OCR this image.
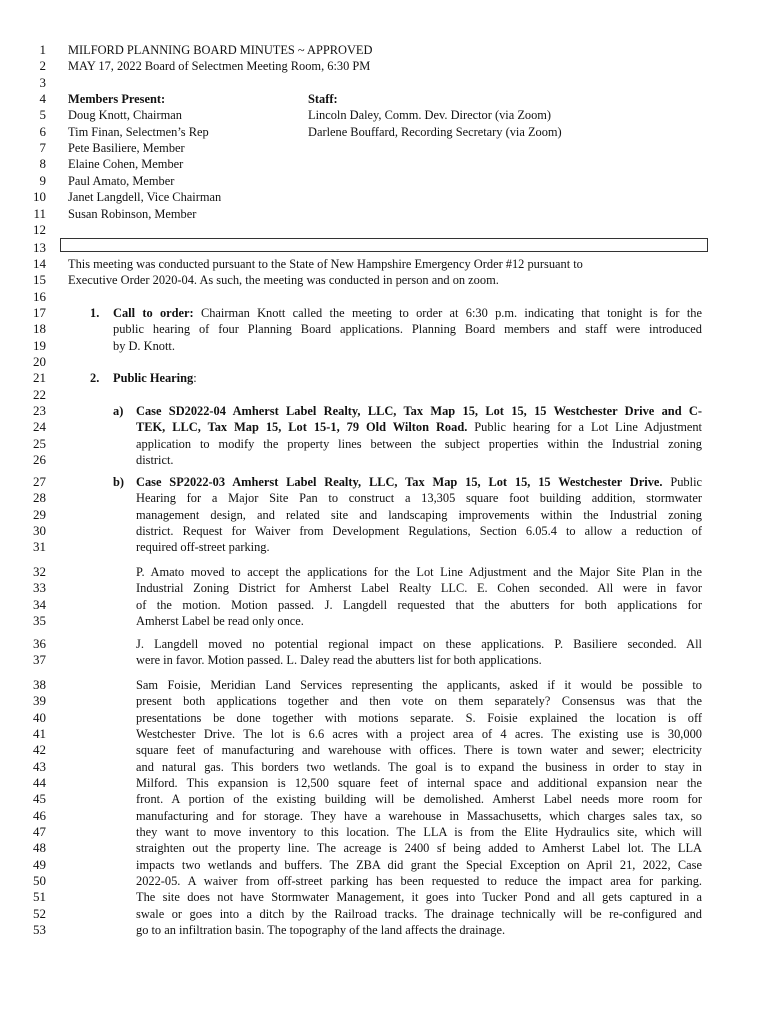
1
2
3
4
5
6
7
8
9
10
11
12
13
14
15
16
17
18
19
20
21
22
23
24
25
26
27
28
29
30
31
32
33
34
35
36
37
38
39
40
41
42
43
44
45
46
47
48
49
50
51
52
53
MILFORD PLANNING BOARD MINUTES ~ APPROVED
MAY 17, 2022 Board of Selectmen Meeting Room, 6:30 PM
Members Present:
Doug Knott, Chairman
Tim Finan, Selectmen’s Rep
Pete Basiliere, Member
Elaine Cohen, Member
Paul Amato, Member
Janet Langdell, Vice Chairman
Susan Robinson, Member
Staff:
Lincoln Daley, Comm. Dev. Director (via Zoom)
Darlene Bouffard, Recording Secretary (via Zoom)
This meeting was conducted pursuant to the State of New Hampshire Emergency Order #12 pursuant to
Executive Order 2020-04. As such, the meeting was conducted in person and on zoom.
1. Call to order: Chairman Knott called the meeting to order at 6:30 p.m. indicating that tonight is for the
public hearing of four Planning Board applications. Planning Board members and staff were introduced
by D. Knott.
2. Public Hearing:
a) Case SD2022-04 Amherst Label Realty, LLC, Tax Map 15, Lot 15, 15 Westchester Drive and C-
TEK, LLC, Tax Map 15, Lot 15-1, 79 Old Wilton Road. Public hearing for a Lot Line Adjustment
application to modify the property lines between the subject properties within the Industrial zoning
district.
b) Case SP2022-03 Amherst Label Realty, LLC, Tax Map 15, Lot 15, 15 Westchester Drive. Public
Hearing for a Major Site Pan to construct a 13,305 square foot building addition, stormwater
management design, and related site and landscaping improvements within the Industrial zoning
district. Request for Waiver from Development Regulations, Section 6.05.4 to allow a reduction of
required off-street parking.
P. Amato moved to accept the applications for the Lot Line Adjustment and the Major Site Plan in the
Industrial Zoning District for Amherst Label Realty LLC. E. Cohen seconded. All were in favor
of the motion. Motion passed. J. Langdell requested that the abutters for both applications for
Amherst Label be read only once.
J. Langdell moved no potential regional impact on these applications. P. Basiliere seconded. All
were in favor. Motion passed. L. Daley read the abutters list for both applications.
Sam Foisie, Meridian Land Services representing the applicants, asked if it would be possible to
present both applications together and then vote on them separately? Consensus was that the
presentations be done together with motions separate. S. Foisie explained the location is off
Westchester Drive. The lot is 6.6 acres with a project area of 4 acres. The existing use is 30,000
square feet of manufacturing and warehouse with offices. There is town water and sewer; electricity
and natural gas. This borders two wetlands. The goal is to expand the business in order to stay in
Milford. This expansion is 12,500 square feet of internal space and additional expansion near the
front. A portion of the existing building will be demolished. Amherst Label needs more room for
manufacturing and for storage. They have a warehouse in Massachusetts, which charges sales tax, so
they want to move inventory to this location. The LLA is from the Elite Hydraulics site, which will
straighten out the property line. The acreage is 2400 sf being added to Amherst Label lot. The LLA
impacts two wetlands and buffers. The ZBA did grant the Special Exception on April 21, 2022, Case
2022-05. A waiver from off-street parking has been requested to reduce the impact area for parking.
The site does not have Stormwater Management, it goes into Tucker Pond and all gets captured in a
swale or goes into a ditch by the Railroad tracks. The drainage technically will be re-configured and
go to an infiltration basin. The topography of the land affects the drainage.
